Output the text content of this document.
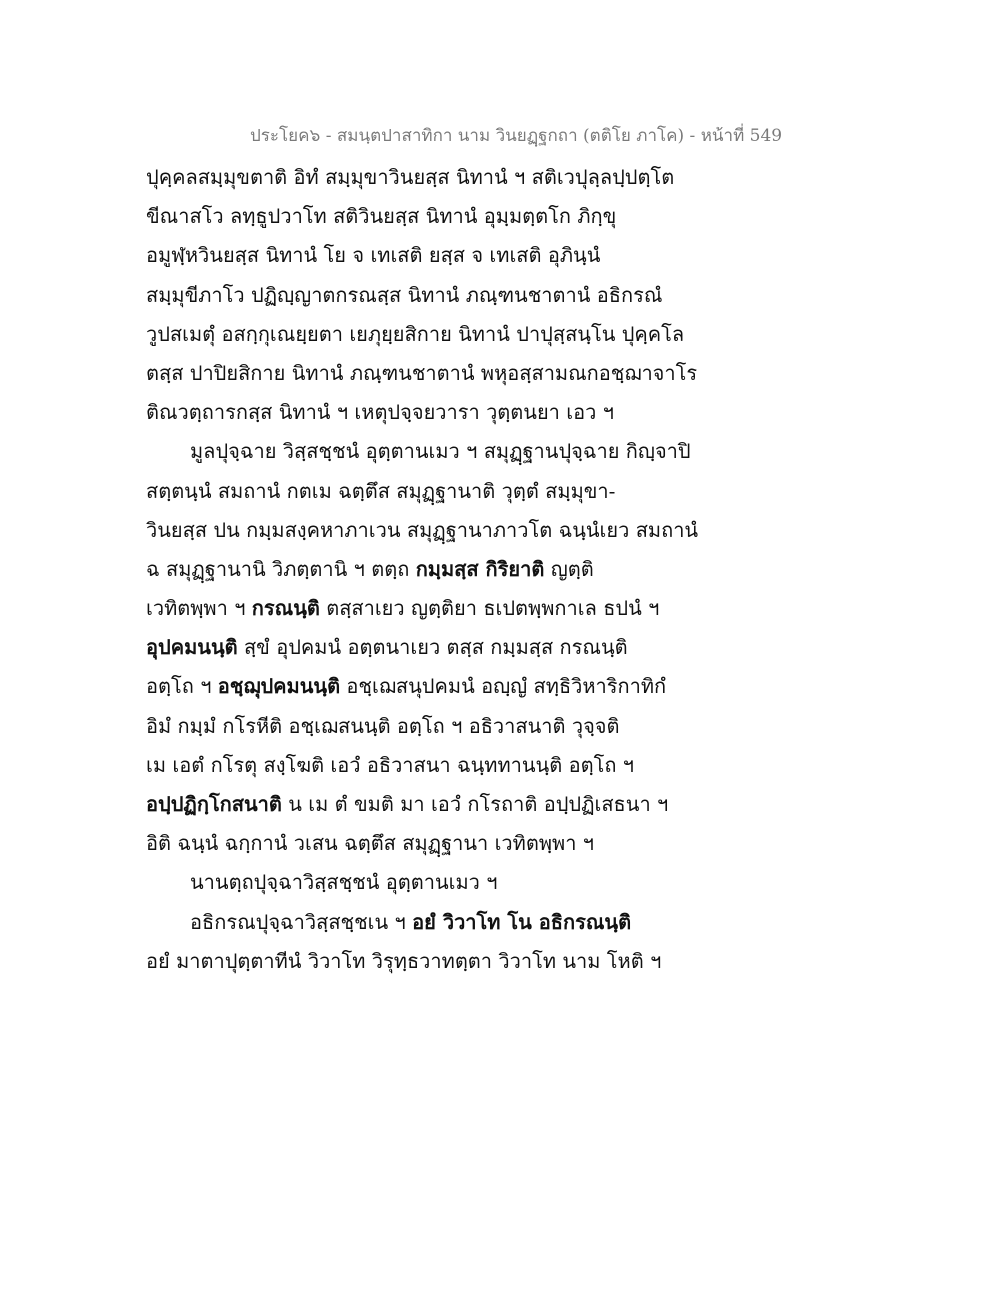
ประโยค๖ - สมนฺตปาสาทิกา นาม วินยฏฺฐกถา (ตติโย ภาโค) - หน้าที่ 549
ปุคฺคลสมฺมุขตาติ อิทํ สมฺมุขาวินยสฺส นิทานํ ฯ สติเวปุลฺลปฺปตฺโต
ขีณาสโว ลทฺธูปวาโท สติวินยสฺส นิทานํ อุมฺมตฺตโก ภิกฺขุ
อมูฬฺหวินยสฺส นิทานํ โย จ เทเสติ ยสฺส จ เทเสติ อุภินฺนํ
สมฺมุขีภาโว ปฏิญฺญาตกรณสฺส นิทานํ ภณฺฑนชาตานํ อธิกรณํ
วูปสเมตุํ อสกฺกุเณยฺยตา เยภุยฺยสิกาย นิทานํ ปาปุสฺสนฺโน ปุคฺคโล
ตสฺส ปาปิยสิกาย นิทานํ ภณฺฑนชาตานํ พหุอสฺสามณกอชฺฌาจาโร
ติณวตฺถารกสฺส นิทานํ ฯ เหตุปจฺจยวารา วุตฺตนยา เอว ฯ
มูลปุจฺฉาย วิสฺสชฺชนํ อุตฺตานเมว ฯ สมุฏฺฐานปุจฺฉาย กิญฺจาปิ
สตฺตนฺนํ สมถานํ กตเม ฉตฺตึส สมุฏฺฐานาติ วุตฺตํ สมฺมุขา-
วินยสฺส ปน กมฺมสงฺคหาภาเวน สมุฏฺฐานาภาวโต ฉนฺนํเยว สมถานํ
ฉ สมุฏฺฐานานิ วิภตฺตานิ ฯ ตตฺถ กมฺมสฺส กิริยาติ ญตฺติ
เวทิตพฺพา ฯ กรณนฺติ ตสฺสาเยว ญตฺติยา ธเปตพฺพกาเล ธปนํ ฯ
อุปคมนนฺติ สฺขํ อุปคมนํ อตฺตนาเยว ตสฺส กมฺมสฺส กรณนฺติ
อตฺโถ ฯ อชฺฌุปคมนนฺติ อชฺเฌสนุปคมนํ อญฺญํ สทฺธิวิหาริกาทิกํ
อิมํ กมฺมํ กโรหีติ อชฺเฌสนนฺติ อตฺโถ ฯ อธิวาสนาติ วุจฺจติ
เม เอตํ กโรตุ สงฺโฆติ เอวํ อธิวาสนา ฉนฺททานนฺติ อตฺโถ ฯ
อปฺปฏิกฺโกสนาติ น เม ตํ ขมติ มา เอวํ กโรถาติ อปฺปฏิเสธนา ฯ
อิติ ฉนฺนํ ฉกฺกานํ วเสน ฉตฺตึส สมุฏฺฐานา เวทิตพฺพา ฯ
นานตฺถปุจฺฉาวิสฺสชฺชนํ อุตฺตานเมว ฯ
อธิกรณปุจฺฉาวิสฺสชฺชเน ฯ อยํ วิวาโท โน อธิกรณนฺติ
อยํ มาตาปุตฺตาทีนํ วิวาโท วิรุทฺธวาทตฺตา วิวาโท นาม โหติ ฯ
